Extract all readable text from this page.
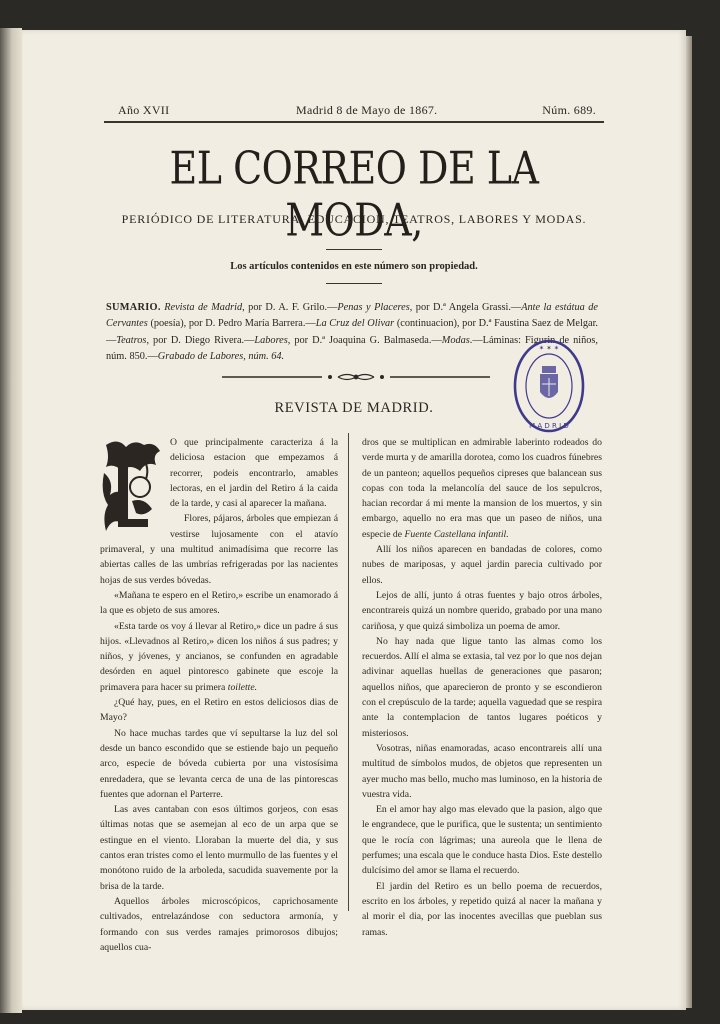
Año XVII	Madrid 8 de Mayo de 1867.	Núm. 689.
EL CORREO DE LA MODA,
PERIÓDICO DE LITERATURA, EDUCACION, TEATROS, LABORES Y MODAS.
Los artículos contenidos en este número son propiedad.
SUMARIO. Revista de Madrid, por D. A. F. Grilo.—Penas y Placeres, por D.ª Angela Grassi.—Ante la estátua de Cervantes (poesía), por D. Pedro María Barrera.—La Cruz del Olivar (continuacion), por D.ª Faustina Saez de Melgar.—Teatros, por D. Diego Rivera.—Labores, por D.ª Joaquina G. Balmaseda.—Modas.—Láminas: Figurin de niños, núm. 850.—Grabado de Labores, núm. 64.
✶ ✶ ✶
M A D R I D
REVISTA DE MADRID.

O que principalmente caracteriza á la deliciosa estacion que empezamos á recorrer, podeis encontrarlo, amables lectoras, en el jardin del Retiro á la caida de la tarde, y casi al aparecer la mañana.

Flores, pájaros, árboles que empiezan á vestirse lujosamente con el atavío primaveral, y una multitud animadísima que recorre las abiertas calles de las umbrías refrigeradas por las nacientes hojas de sus verdes bóvedas.

«Mañana te espero en el Retiro,» escribe un enamorado á la que es objeto de sus amores.

«Esta tarde os voy á llevar al Retiro,» dice un padre á sus hijos. «Llevadnos al Retiro,» dicen los niños á sus padres; y niños, y jóvenes, y ancianos, se confunden en agradable desórden en aquel pintoresco gabinete que escoje la primavera para hacer su primera toilette.

¿Qué hay, pues, en el Retiro en estos deliciosos dias de Mayo?

No hace muchas tardes que ví sepultarse la luz del sol desde un banco escondido que se estiende bajo un pequeño arco, especie de bóveda cubierta por una vistosísima enredadera, que se levanta cerca de una de las pintorescas fuentes que adornan el Parterre.

Las aves cantaban con esos últimos gorjeos, con esas últimas notas que se asemejan al eco de un arpa que se estingue en el viento. Lloraban la muerte del dia, y sus cantos eran tristes como el lento murmullo de las fuentes y el monótono ruido de la arboleda, sacudida suavemente por la brisa de la tarde.

Aquellos árboles microscópicos, caprichosamente cultivados, entrelazándose con seductora armonía, y formando con sus verdes ramajes primorosos dibujos; aquellos cua-

dros que se multiplican en admirable laberinto rodeados do verde murta y de amarilla dorotea, como los cuadros fúnebres de un panteon; aquellos pequeños cipreses que balancean sus copas con toda la melancolía del sauce de los sepulcros, hacian recordar á mi mente la mansion de los muertos, y sin embargo, aquello no era mas que un paseo de niños, una especie de Fuente Castellana infantil.

Allí los niños aparecen en bandadas de colores, como nubes de mariposas, y aquel jardin parecia cultivado por ellos.

Lejos de allí, junto á otras fuentes y bajo otros árboles, encontrareis quizá un nombre querido, grabado por una mano cariñosa, y que quizá simboliza un poema de amor.

No hay nada que ligue tanto las almas como los recuerdos. Allí el alma se extasia, tal vez por lo que nos dejan adivinar aquellas huellas de generaciones que pasaron; aquellos niños, que aparecieron de pronto y se escondieron con el crepúsculo de la tarde; aquella vaguedad que se respira ante la contemplacion de tantos lugares poéticos y misteriosos.

Vosotras, niñas enamoradas, acaso encontrareis allí una multitud de símbolos mudos, de objetos que representen un ayer mucho mas bello, mucho mas luminoso, en la historia de vuestra vida.

En el amor hay algo mas elevado que la pasion, algo que le engrandece, que le purifica, que le sustenta; un sentimiento que le rocía con lágrimas; una aureola que le llena de perfumes; una escala que le conduce hasta Dios. Este destello dulcísimo del amor se llama el recuerdo.

El jardin del Retiro es un bello poema de recuerdos, escrito en los árboles, y repetido quizá al nacer la mañana y al morir el dia, por las inocentes avecillas que pueblan sus ramas.
